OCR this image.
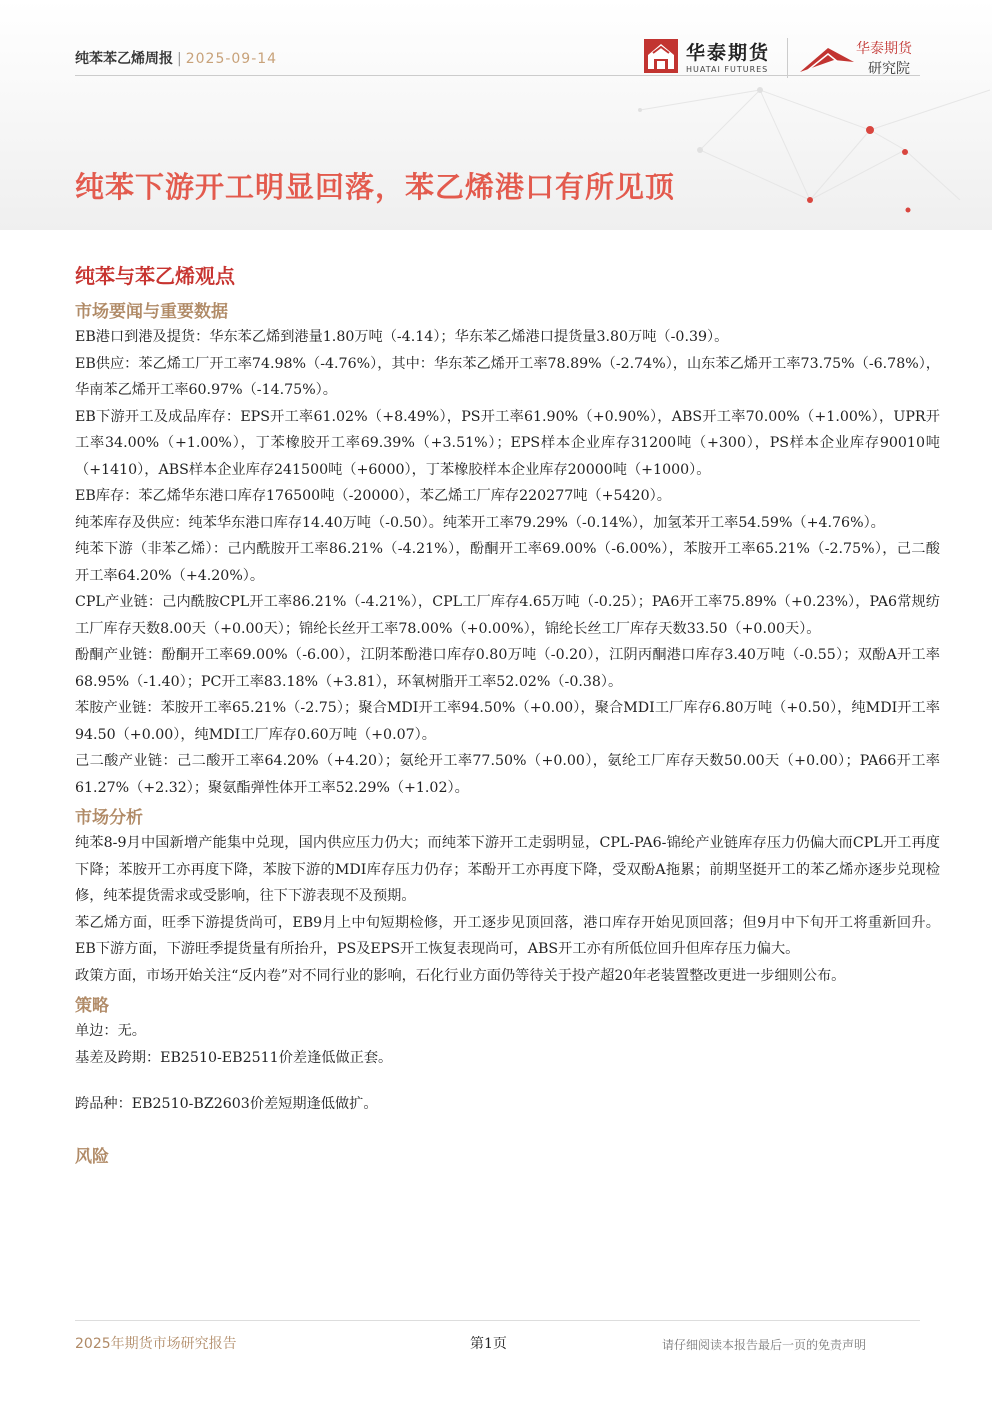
纯苯苯乙烯周报 | 2025-09-14	华泰期货
HUATAI FUTURES
华泰期货
研究院
纯苯下游开工明显回落，苯乙烯港口有所见顶
纯苯与苯乙烯观点
市场要闻与重要数据

EB港口到港及提货：华东苯乙烯到港量1.80万吨（-4.14）；华东苯乙烯港口提货量3.80万吨（-0.39）。

EB供应：苯乙烯工厂开工率74.98%（-4.76%），其中：华东苯乙烯开工率78.89%（-2.74%），山东苯乙烯开工率73.75%（-6.78%），华南苯乙烯开工率60.97%（-14.75%）。

EB下游开工及成品库存：EPS开工率61.02%（+8.49%），PS开工率61.90%（+0.90%），ABS开工率70.00%（+1.00%），UPR开工率34.00%（+1.00%），丁苯橡胶开工率69.39%（+3.51%）；EPS样本企业库存31200吨（+300），PS样本企业库存90010吨（+1410），ABS样本企业库存241500吨（+6000），丁苯橡胶样本企业库存20000吨（+1000）。

EB库存：苯乙烯华东港口库存176500吨（-20000），苯乙烯工厂库存220277吨（+5420）。

纯苯库存及供应：纯苯华东港口库存14.40万吨（-0.50）。纯苯开工率79.29%（-0.14%），加氢苯开工率54.59%（+4.76%）。

纯苯下游（非苯乙烯）：己内酰胺开工率86.21%（-4.21%），酚酮开工率69.00%（-6.00%），苯胺开工率65.21%（-2.75%），己二酸开工率64.20%（+4.20%）。

CPL产业链：己内酰胺CPL开工率86.21%（-4.21%），CPL工厂库存4.65万吨（-0.25）；PA6开工率75.89%（+0.23%），PA6常规纺工厂库存天数8.00天（+0.00天）；锦纶长丝开工率78.00%（+0.00%），锦纶长丝工厂库存天数33.50（+0.00天）。

酚酮产业链：酚酮开工率69.00%（-6.00），江阴苯酚港口库存0.80万吨（-0.20），江阴丙酮港口库存3.40万吨（-0.55）；双酚A开工率68.95%（-1.40）；PC开工率83.18%（+3.81），环氧树脂开工率52.02%（-0.38）。

苯胺产业链：苯胺开工率65.21%（-2.75）；聚合MDI开工率94.50%（+0.00），聚合MDI工厂库存6.80万吨（+0.50），纯MDI开工率94.50（+0.00），纯MDI工厂库存0.60万吨（+0.07）。

己二酸产业链：己二酸开工率64.20%（+4.20）；氨纶开工率77.50%（+0.00），氨纶工厂库存天数50.00天（+0.00）；PA66开工率61.27%（+2.32）；聚氨酯弹性体开工率52.29%（+1.02）。

市场分析

纯苯8-9月中国新增产能集中兑现，国内供应压力仍大；而纯苯下游开工走弱明显，CPL-PA6-锦纶产业链库存压力仍偏大而CPL开工再度下降；苯胺开工亦再度下降，苯胺下游的MDI库存压力仍存；苯酚开工亦再度下降，受双酚A拖累；前期坚挺开工的苯乙烯亦逐步兑现检修，纯苯提货需求或受影响，往下下游表现不及预期。

苯乙烯方面，旺季下游提货尚可，EB9月上中旬短期检修，开工逐步见顶回落，港口库存开始见顶回落；但9月中下旬开工将重新回升。EB下游方面，下游旺季提货量有所抬升，PS及EPS开工恢复表现尚可，ABS开工亦有所低位回升但库存压力偏大。

政策方面，市场开始关注“反内卷”对不同行业的影响，石化行业方面仍等待关于投产超20年老装置整改更进一步细则公布。

策略

单边：无。

基差及跨期：EB2510-EB2511价差逢低做正套。

跨品种：EB2510-BZ2603价差短期逢低做扩。

风险
2025年期货市场研究报告	第1页	请仔细阅读本报告最后一页的免责声明
